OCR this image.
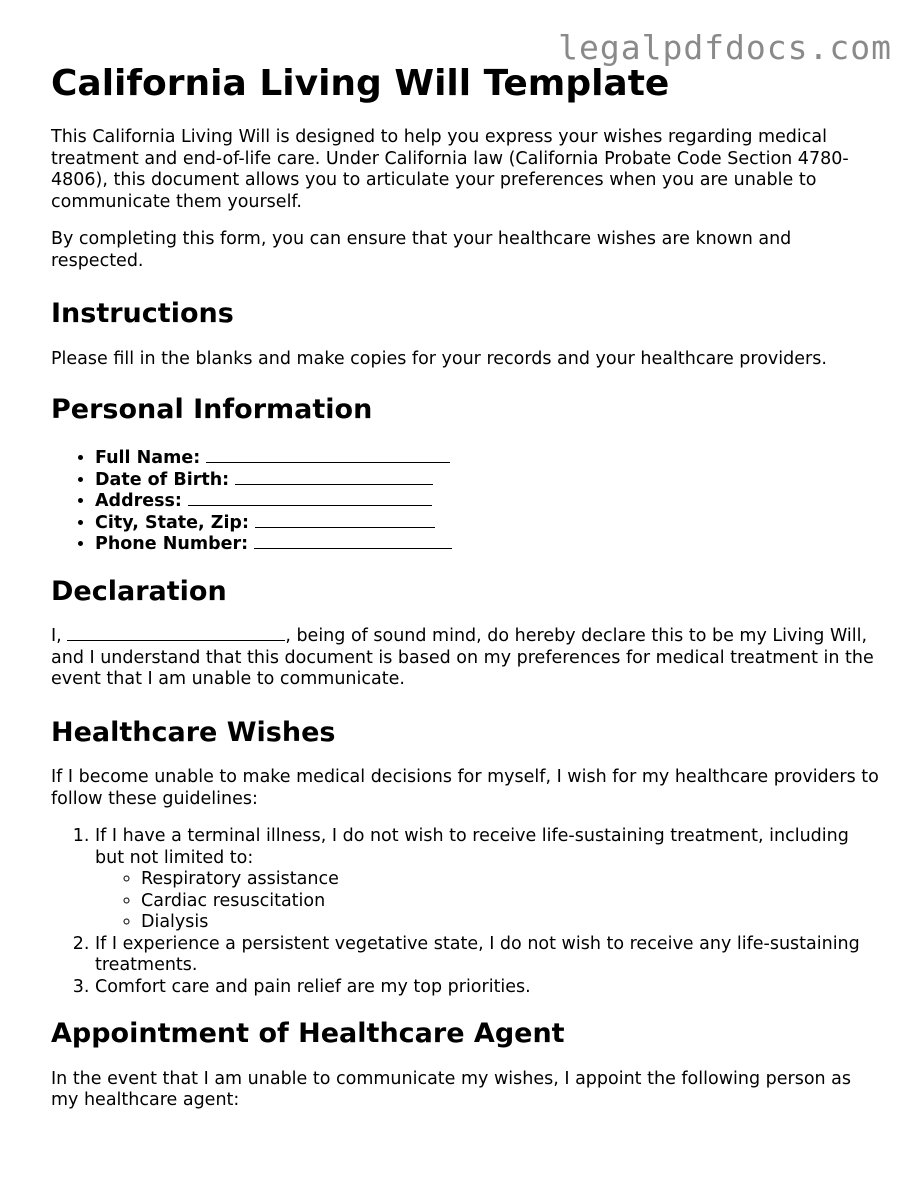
legalpdfdocs.com
California Living Will Template

This California Living Will is designed to help you express your wishes regarding medical treatment and end-of-life care. Under California law (California Probate Code Section 4780-4806), this document allows you to articulate your preferences when you are unable to communicate them yourself.

By completing this form, you can ensure that your healthcare wishes are known and respected.

Instructions

Please fill in the blanks and make copies for your records and your healthcare providers.

Personal Information
• Full Name:
• Date of Birth:
• Address:
• City, State, Zip:
• Phone Number:
Declaration

I,	, being of sound mind, do hereby declare this to be my Living Will, and I understand that this document is based on my preferences for medical treatment in the event that I am unable to communicate.

Healthcare Wishes

If I become unable to make medical decisions for myself, I wish for my healthcare providers to follow these guidelines:

1. If I have a terminal illness, I do not wish to receive life-sustaining treatment, including but not limited to:
◦ Respiratory assistance
◦ Cardiac resuscitation
◦ Dialysis
2. If I experience a persistent vegetative state, I do not wish to receive any life-sustaining treatments.
3. Comfort care and pain relief are my top priorities.
Appointment of Healthcare Agent

In the event that I am unable to communicate my wishes, I appoint the following person as my healthcare agent:
